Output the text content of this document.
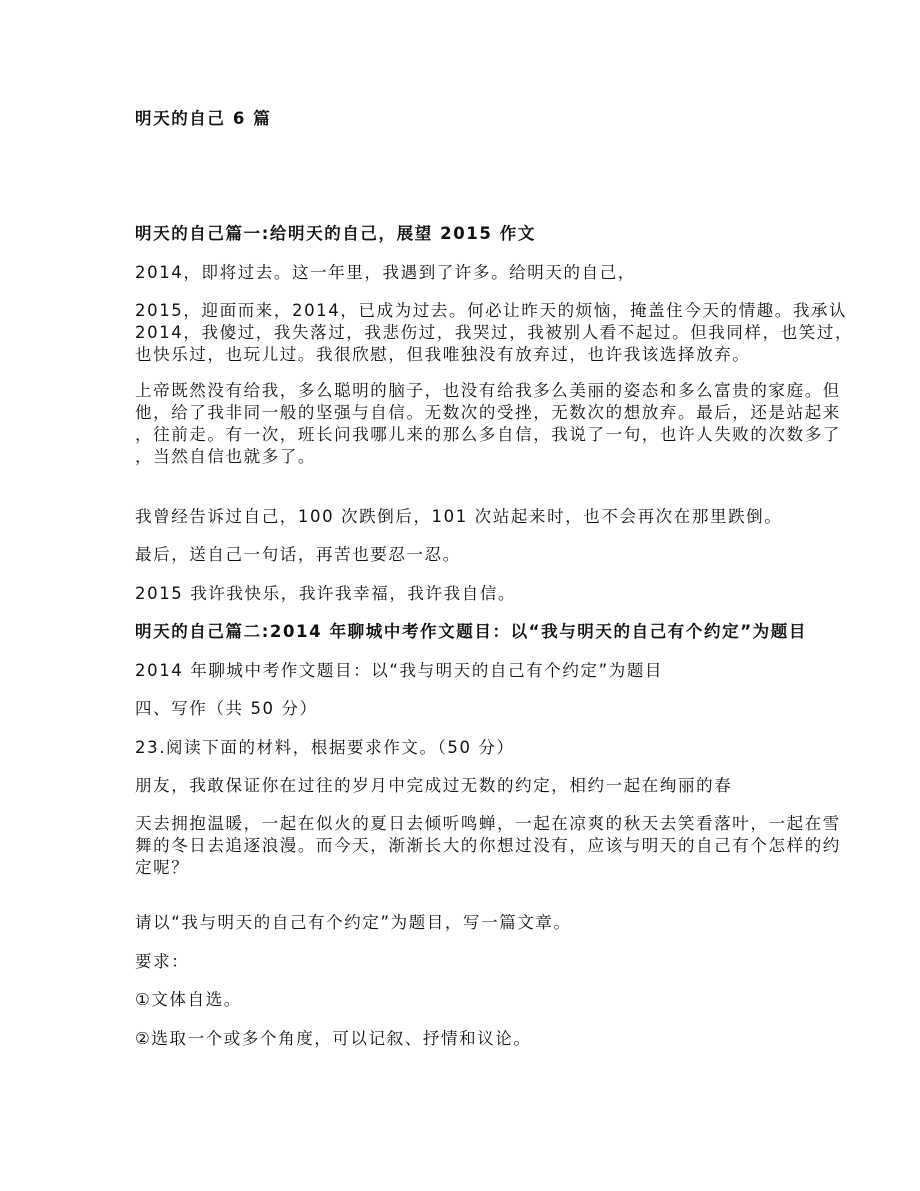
明天的自己 6 篇
明天的自己篇一:给明天的自己，展望 2015 作文
2014，即将过去。这一年里，我遇到了许多。给明天的自己，
2015，迎面而来，2014，已成为过去。何必让昨天的烦恼，掩盖住今天的情趣。我承认
2014，我傻过，我失落过，我悲伤过，我哭过，我被别人看不起过。但我同样，也笑过，
也快乐过，也玩儿过。我很欣慰，但我唯独没有放弃过，也许我该选择放弃。
上帝既然没有给我，多么聪明的脑子，也没有给我多么美丽的姿态和多么富贵的家庭。但
他，给了我非同一般的坚强与自信。无数次的受挫，无数次的想放弃。最后，还是站起来
，往前走。有一次，班长问我哪儿来的那么多自信，我说了一句，也许人失败的次数多了
，当然自信也就多了。
我曾经告诉过自己，100 次跌倒后，101 次站起来时，也不会再次在那里跌倒。
最后，送自己一句话，再苦也要忍一忍。
2015 我许我快乐，我许我幸福，我许我自信。
明天的自己篇二:2014 年聊城中考作文题目：以“我与明天的自己有个约定”为题目
2014 年聊城中考作文题目：以“我与明天的自己有个约定”为题目
四、写作（共 50 分）
23.阅读下面的材料，根据要求作文。（50 分）
朋友，我敢保证你在过往的岁月中完成过无数的约定，相约一起在绚丽的春
天去拥抱温暖，一起在似火的夏日去倾听鸣蝉，一起在凉爽的秋天去笑看落叶，一起在雪
舞的冬日去追逐浪漫。而今天，渐渐长大的你想过没有，应该与明天的自己有个怎样的约
定呢？
请以“我与明天的自己有个约定”为题目，写一篇文章。
要求：
①文体自选。
②选取一个或多个角度，可以记叙、抒情和议论。
